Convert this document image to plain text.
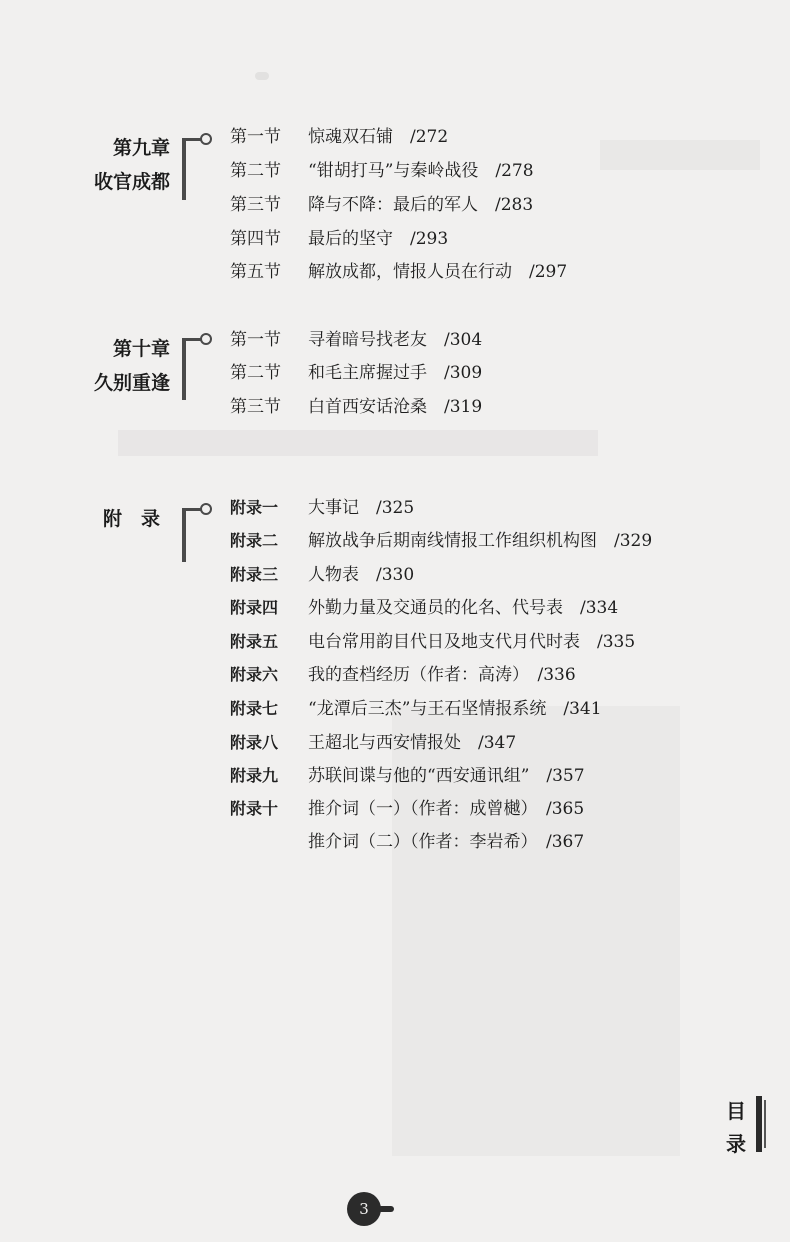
第九章
收官成都
第一节 惊魂双石铺　/272
第二节 “钳胡打马”与秦岭战役　/278
第三节 降与不降：最后的军人　/283
第四节 最后的坚守　/293
第五节 解放成都，情报人员在行动　/297
第十章
久别重逢
第一节 寻着暗号找老友　/304
第二节 和毛主席握过手　/309
第三节 白首西安话沧桑　/319
附　录
附录一 大事记　/325
附录二 解放战争后期南线情报工作组织机构图　/329
附录三 人物表　/330
附录四 外勤力量及交通员的化名、代号表　/334
附录五 电台常用韵目代日及地支代月代时表　/335
附录六 我的查档经历（作者：高涛）　/336
附录七 “龙潭后三杰”与王石坚情报系统　/341
附录八 王超北与西安情报处　/347
附录九 苏联间谍与他的“西安通讯组”　/357
附录十 推介词（一）（作者：成曾樾）　/365
推介词（二）（作者：李岩希）　/367
目
录
3
